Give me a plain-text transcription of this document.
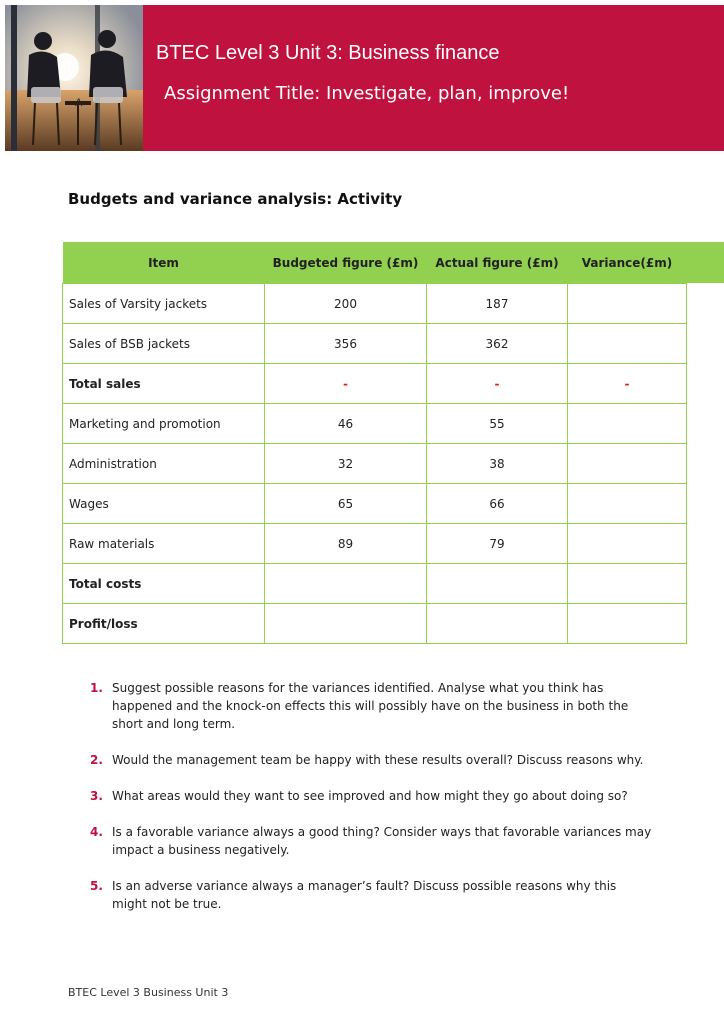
A
BTEC Level 3 Unit 3: Business finance
Assignment Title: Investigate, plan, improve!
Budgets and variance analysis: Activity
Item	Budgeted figure (£m)	Actual figure (£m)	Variance(£m)
Sales of Varsity jackets	200	187	
Sales of BSB jackets	356	362	
Total sales	-	-	-
Marketing and promotion	46	55	
Administration	32	38	
Wages	65	66	
Raw materials	89	79	
Total costs			
Profit/loss			
1. Suggest possible reasons for the variances identified. Analyse what you think has happened and the knock-on effects this will possibly have on the business in both the short and long term.
2. Would the management team be happy with these results overall? Discuss reasons why.
3. What areas would they want to see improved and how might they go about doing so?
4. Is a favorable variance always a good thing? Consider ways that favorable variances may impact a business negatively.
5. Is an adverse variance always a manager’s fault? Discuss possible reasons why this might not be true.
BTEC Level 3 Business Unit 3
